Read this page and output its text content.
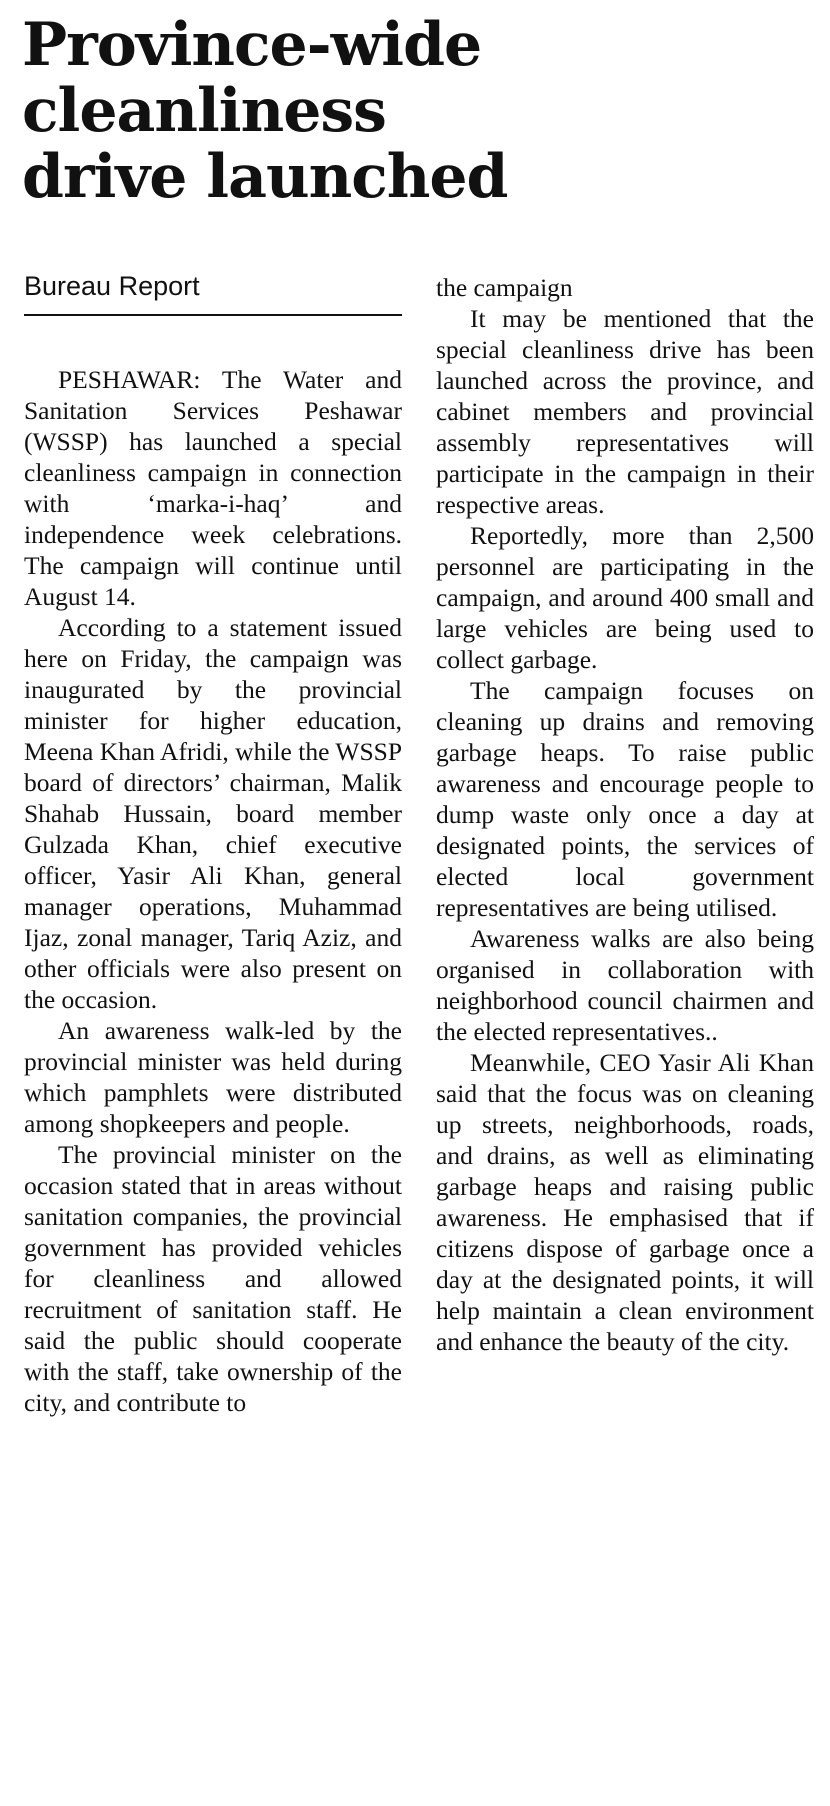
Province-wide
cleanliness
drive launched
Bureau Report

PESHAWAR: The Water and Sanitation Services Peshawar (WSSP) has launched a special cleanliness campaign in connection with ‘marka-i-haq’ and independence week celebrations. The campaign will continue until August 14.

According to a statement issued here on Friday, the campaign was inaugurated by the provincial minister for higher education, Meena Khan Afridi, while the WSSP board of directors’ chairman, Malik Shahab Hussain, board member Gulzada Khan, chief executive officer, Yasir Ali Khan, general manager operations, Muhammad Ijaz, zonal manager, Tariq Aziz, and other officials were also present on the occasion.

An awareness walk-led by the provincial minister was held during which pamphlets were distributed among shopkeepers and people.

The provincial minister on the occasion stated that in areas without sanitation companies, the provincial government has provided vehicles for cleanliness and allowed recruitment of sanitation staff. He said the public should cooperate with the staff, take ownership of the city, and contribute to

the campaign

It may be mentioned that the special cleanliness drive has been launched across the province, and cabinet members and provincial assembly representatives will participate in the campaign in their respective areas.

Reportedly, more than 2,500 personnel are participating in the campaign, and around 400 small and large vehicles are being used to collect garbage.

The campaign focuses on cleaning up drains and removing garbage heaps. To raise public awareness and encourage people to dump waste only once a day at designated points, the services of elected local government representatives are being utilised.

Awareness walks are also being organised in collaboration with neighborhood council chairmen and the elected representatives..

Meanwhile, CEO Yasir Ali Khan said that the focus was on cleaning up streets, neighborhoods, roads, and drains, as well as eliminating garbage heaps and raising public awareness. He emphasised that if citizens dispose of garbage once a day at the designated points, it will help maintain a clean environment and enhance the beauty of the city.
